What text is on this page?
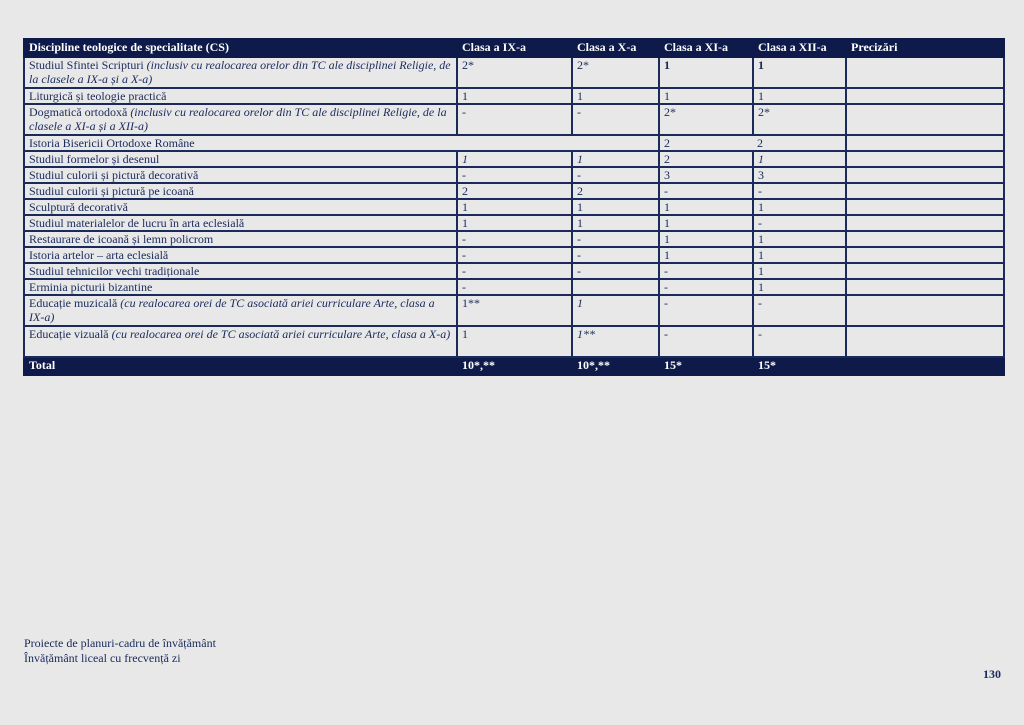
Discipline teologice de specialitate (CS)	Clasa a IX-a	Clasa a X-a	Clasa a XI-a	Clasa a XII-a	Precizări
Studiul Sfintei Scripturi (inclusiv cu realocarea orelor din TC ale disciplinei Religie, de la clasele a IX-a și a X-a)	2*	2*	1	1	
Liturgică și teologie practică	1	1	1	1	
Dogmatică ortodoxă (inclusiv cu realocarea orelor din TC ale disciplinei Religie, de la clasele a XI-a și a XII-a)	-	-	2*	2*	
Istoria Bisericii Ortodoxe Române			2	2	
Studiul formelor și desenul	1	1	2	1	
Studiul culorii și pictură decorativă	-	-	3	3	
Studiul culorii și pictură pe icoană	2	2	-	-	
Sculptură decorativă	1	1	1	1	
Studiul materialelor de lucru în arta eclesială	1	1	1	-	
Restaurare de icoană și lemn policrom	-	-	1	1	
Istoria artelor – arta eclesială	-	-	1	1	
Studiul tehnicilor vechi tradiționale	-	-	-	1	
Erminia picturii bizantine	-		-	1	
Educație muzicală (cu realocarea orei de TC asociată ariei curriculare Arte, clasa a IX-a)	1**	1	-	-	
Educație vizuală (cu realocarea orei de TC asociată ariei curriculare Arte, clasa a X-a)	1	1**	-	-	
Total	10*,**	10*,**	15*	15*	
Proiecte de planuri-cadru de învățământ
Învățământ liceal cu frecvență zi
130
